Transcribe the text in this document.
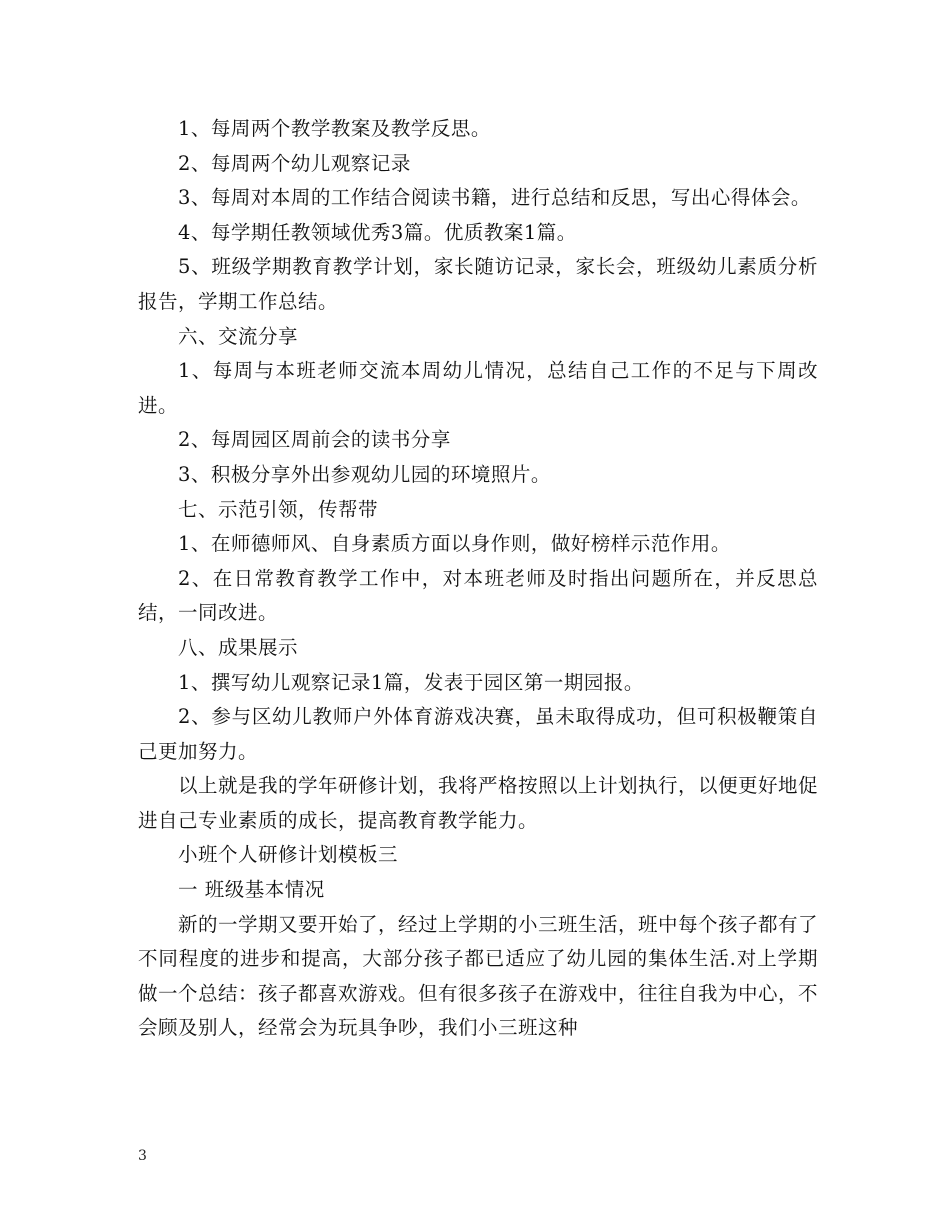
1、每周两个教学教案及教学反思。

2、每周两个幼儿观察记录

3、每周对本周的工作结合阅读书籍，进行总结和反思，写出心得体会。

4、每学期任教领域优秀3篇。优质教案1篇。

5、班级学期教育教学计划，家长随访记录，家长会，班级幼儿素质分析报告，学期工作总结。

六、交流分享

1、每周与本班老师交流本周幼儿情况，总结自己工作的不足与下周改进。

2、每周园区周前会的读书分享

3、积极分享外出参观幼儿园的环境照片。

七、示范引领，传帮带

1、在师德师风、自身素质方面以身作则，做好榜样示范作用。

2、在日常教育教学工作中，对本班老师及时指出问题所在，并反思总结，一同改进。

八、成果展示

1、撰写幼儿观察记录1篇，发表于园区第一期园报。

2、参与区幼儿教师户外体育游戏决赛，虽未取得成功，但可积极鞭策自己更加努力。

以上就是我的学年研修计划，我将严格按照以上计划执行，以便更好地促进自己专业素质的成长，提高教育教学能力。

小班个人研修计划模板三

一 班级基本情况

新的一学期又要开始了，经过上学期的小三班生活，班中每个孩子都有了不同程度的进步和提高，大部分孩子都已适应了幼儿园的集体生活.对上学期做一个总结：孩子都喜欢游戏。但有很多孩子在游戏中，往往自我为中心，不会顾及别人，经常会为玩具争吵，我们小三班这种

3
